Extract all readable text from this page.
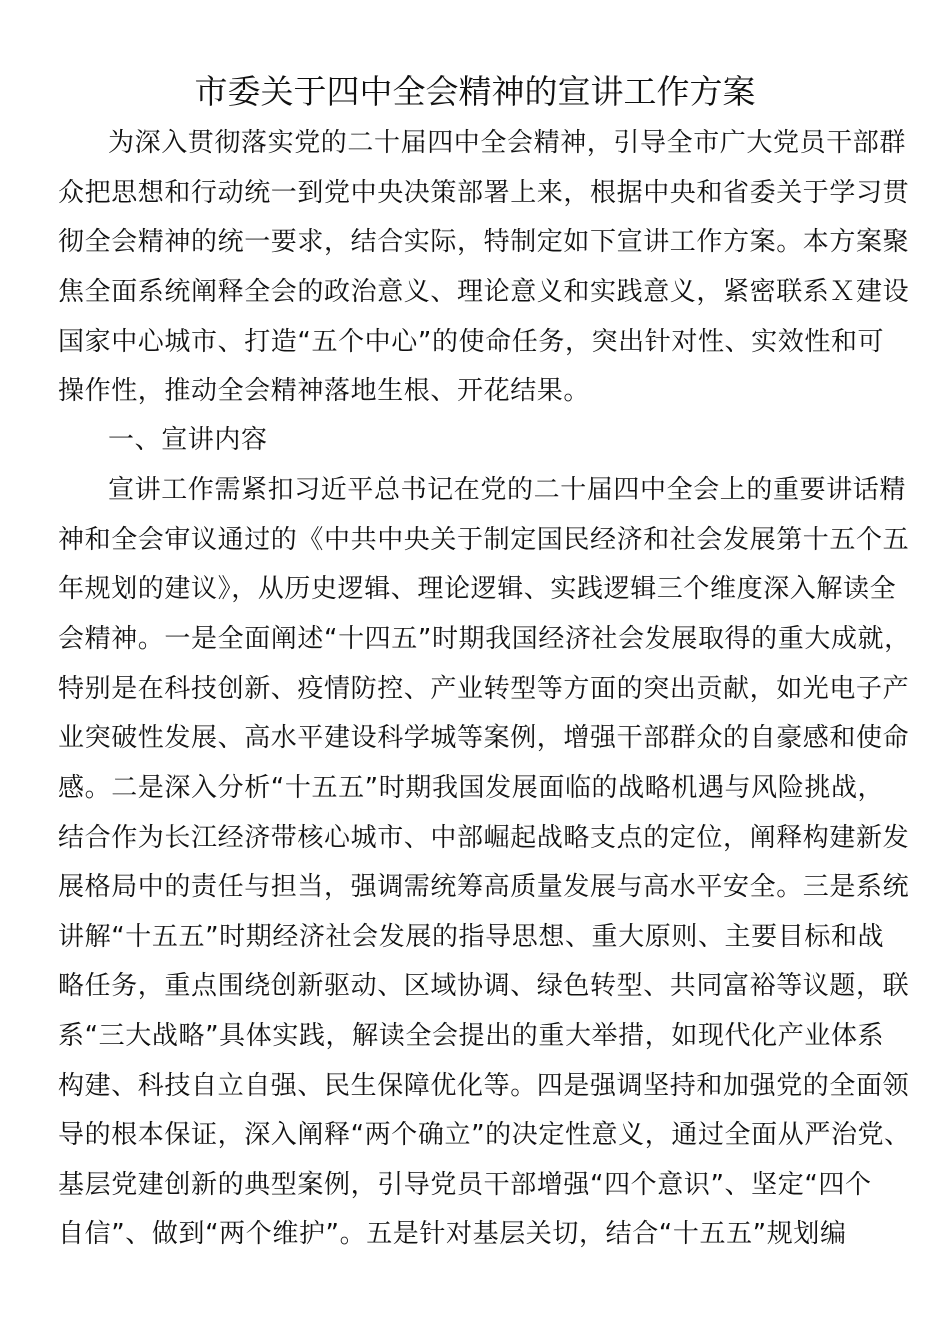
市委关于四中全会精神的宣讲工作方案
为深入贯彻落实党的二十届四中全会精神，引导全市广大党员干部群
众把思想和行动统一到党中央决策部署上来，根据中央和省委关于学习贯
彻全会精神的统一要求，结合实际，特制定如下宣讲工作方案。本方案聚
焦全面系统阐释全会的政治意义、理论意义和实践意义，紧密联系Ｘ建设
国家中心城市、打造“五个中心”的使命任务，突出针对性、实效性和可
操作性，推动全会精神落地生根、开花结果。
一、宣讲内容
宣讲工作需紧扣习近平总书记在党的二十届四中全会上的重要讲话精
神和全会审议通过的《中共中央关于制定国民经济和社会发展第十五个五
年规划的建议》，从历史逻辑、理论逻辑、实践逻辑三个维度深入解读全
会精神。一是全面阐述“十四五”时期我国经济社会发展取得的重大成就，
特别是在科技创新、疫情防控、产业转型等方面的突出贡献，如光电子产
业突破性发展、高水平建设科学城等案例，增强干部群众的自豪感和使命
感。二是深入分析“十五五”时期我国发展面临的战略机遇与风险挑战，
结合作为长江经济带核心城市、中部崛起战略支点的定位，阐释构建新发
展格局中的责任与担当，强调需统筹高质量发展与高水平安全。三是系统
讲解“十五五”时期经济社会发展的指导思想、重大原则、主要目标和战
略任务，重点围绕创新驱动、区域协调、绿色转型、共同富裕等议题，联
系“三大战略”具体实践，解读全会提出的重大举措，如现代化产业体系
构建、科技自立自强、民生保障优化等。四是强调坚持和加强党的全面领
导的根本保证，深入阐释“两个确立”的决定性意义，通过全面从严治党、
基层党建创新的典型案例，引导党员干部增强“四个意识”、坚定“四个
自信”、做到“两个维护”。五是针对基层关切，结合“十五五”规划编
